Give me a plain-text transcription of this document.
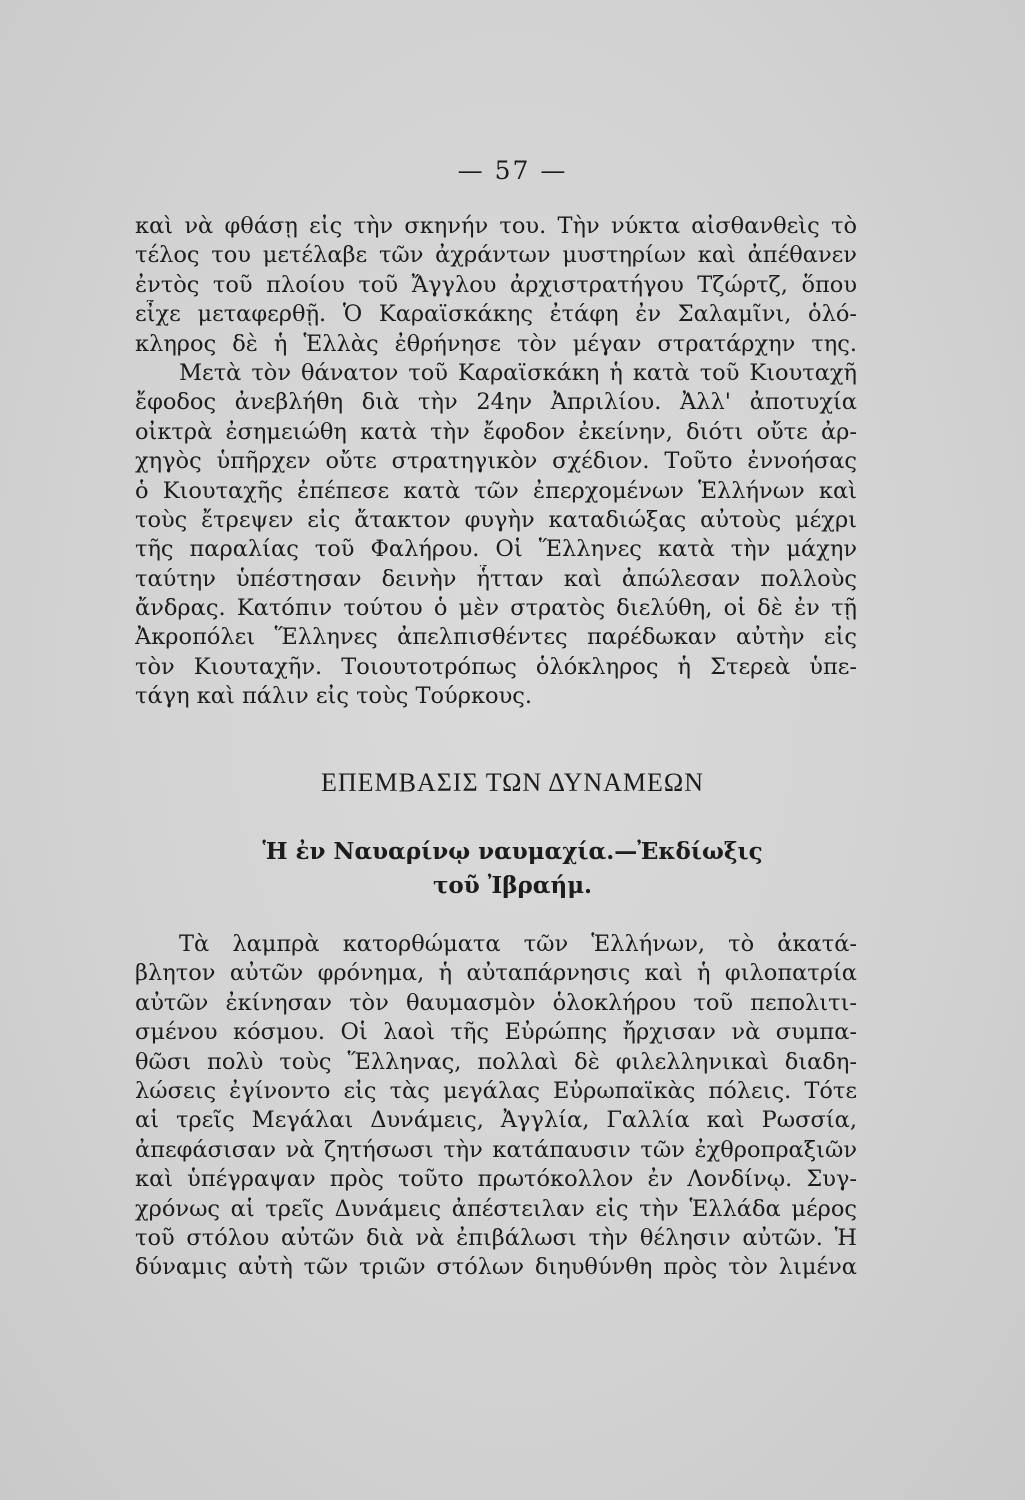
— 57 —
καὶ νὰ φθάσῃ εἰς τὴν σκηνήν του. Τὴν νύκτα αἰσθανθεὶς τὸ
τέλος του μετέλαβε τῶν ἀχράντων μυστηρίων καὶ ἀπέθανεν
ἐντὸς τοῦ πλοίου τοῦ Ἄγγλου ἀρχιστρατήγου Τζώρτζ, ὅπου
εἶχε μεταφερθῇ. Ὁ Καραϊσκάκης ἐτάφη ἐν Σαλαμῖνι, ὁλό-
κληρος δὲ ἡ Ἑλλὰς ἐθρήνησε τὸν μέγαν στρατάρχην της.
Μετὰ τὸν θάνατον τοῦ Καραϊσκάκη ἡ κατὰ τοῦ Κιουταχῆ
ἔφοδος ἀνεβλήθη διὰ τὴν 24ην Ἀπριλίου. Ἀλλ' ἀποτυχία
οἰκτρὰ ἐσημειώθη κατὰ τὴν ἔφοδον ἐκείνην, διότι οὔτε ἀρ-
χηγὸς ὑπῆρχεν οὔτε στρατηγικὸν σχέδιον. Τοῦτο ἐννοήσας
ὁ Κιουταχῆς ἐπέπεσε κατὰ τῶν ἐπερχομένων Ἑλλήνων καὶ
τοὺς ἔτρεψεν εἰς ἄτακτον φυγὴν καταδιώξας αὐτοὺς μέχρι
τῆς παραλίας τοῦ Φαλήρου. Οἱ Ἕλληνες κατὰ τὴν μάχην
ταύτην ὑπέστησαν δεινὴν ἧτταν καὶ ἀπώλεσαν πολλοὺς
ἄνδρας. Κατόπιν τούτου ὁ μὲν στρατὸς διελύθη, οἱ δὲ ἐν τῇ
Ἀκροπόλει Ἕλληνες ἀπελπισθέντες παρέδωκαν αὐτὴν εἰς
τὸν Κιουταχῆν. Τοιουτοτρόπως ὁλόκληρος ἡ Στερεὰ ὑπε-
τάγη καὶ πάλιν εἰς τοὺς Τούρκους.
ΕΠΕΜΒΑΣΙΣ ΤΩΝ ΔΥΝΑΜΕΩΝ
Ἡ ἐν Ναυαρίνῳ ναυμαχία.—Ἐκδίωξις
τοῦ Ἰβραήμ.
Τὰ λαμπρὰ κατορθώματα τῶν Ἑλλήνων, τὸ ἀκατά-
βλητον αὐτῶν φρόνημα, ἡ αὐταπάρνησις καὶ ἡ φιλοπατρία
αὐτῶν ἐκίνησαν τὸν θαυμασμὸν ὁλοκλήρου τοῦ πεπολιτι-
σμένου κόσμου. Οἱ λαοὶ τῆς Εὐρώπης ἤρχισαν νὰ συμπα-
θῶσι πολὺ τοὺς Ἕλληνας, πολλαὶ δὲ φιλελληνικαὶ διαδη-
λώσεις ἐγίνοντο εἰς τὰς μεγάλας Εὐρωπαϊκὰς πόλεις. Τότε
αἱ τρεῖς Μεγάλαι Δυνάμεις, Ἀγγλία, Γαλλία καὶ Ρωσσία,
ἀπεφάσισαν νὰ ζητήσωσι τὴν κατάπαυσιν τῶν ἐχθροπραξιῶν
καὶ ὑπέγραψαν πρὸς τοῦτο πρωτόκολλον ἐν Λονδίνῳ. Συγ-
χρόνως αἱ τρεῖς Δυνάμεις ἀπέστειλαν εἰς τὴν Ἑλλάδα μέρος
τοῦ στόλου αὐτῶν διὰ νὰ ἐπιβάλωσι τὴν θέλησιν αὐτῶν. Ἡ
δύναμις αὐτὴ τῶν τριῶν στόλων διηυθύνθη πρὸς τὸν λιμένα
